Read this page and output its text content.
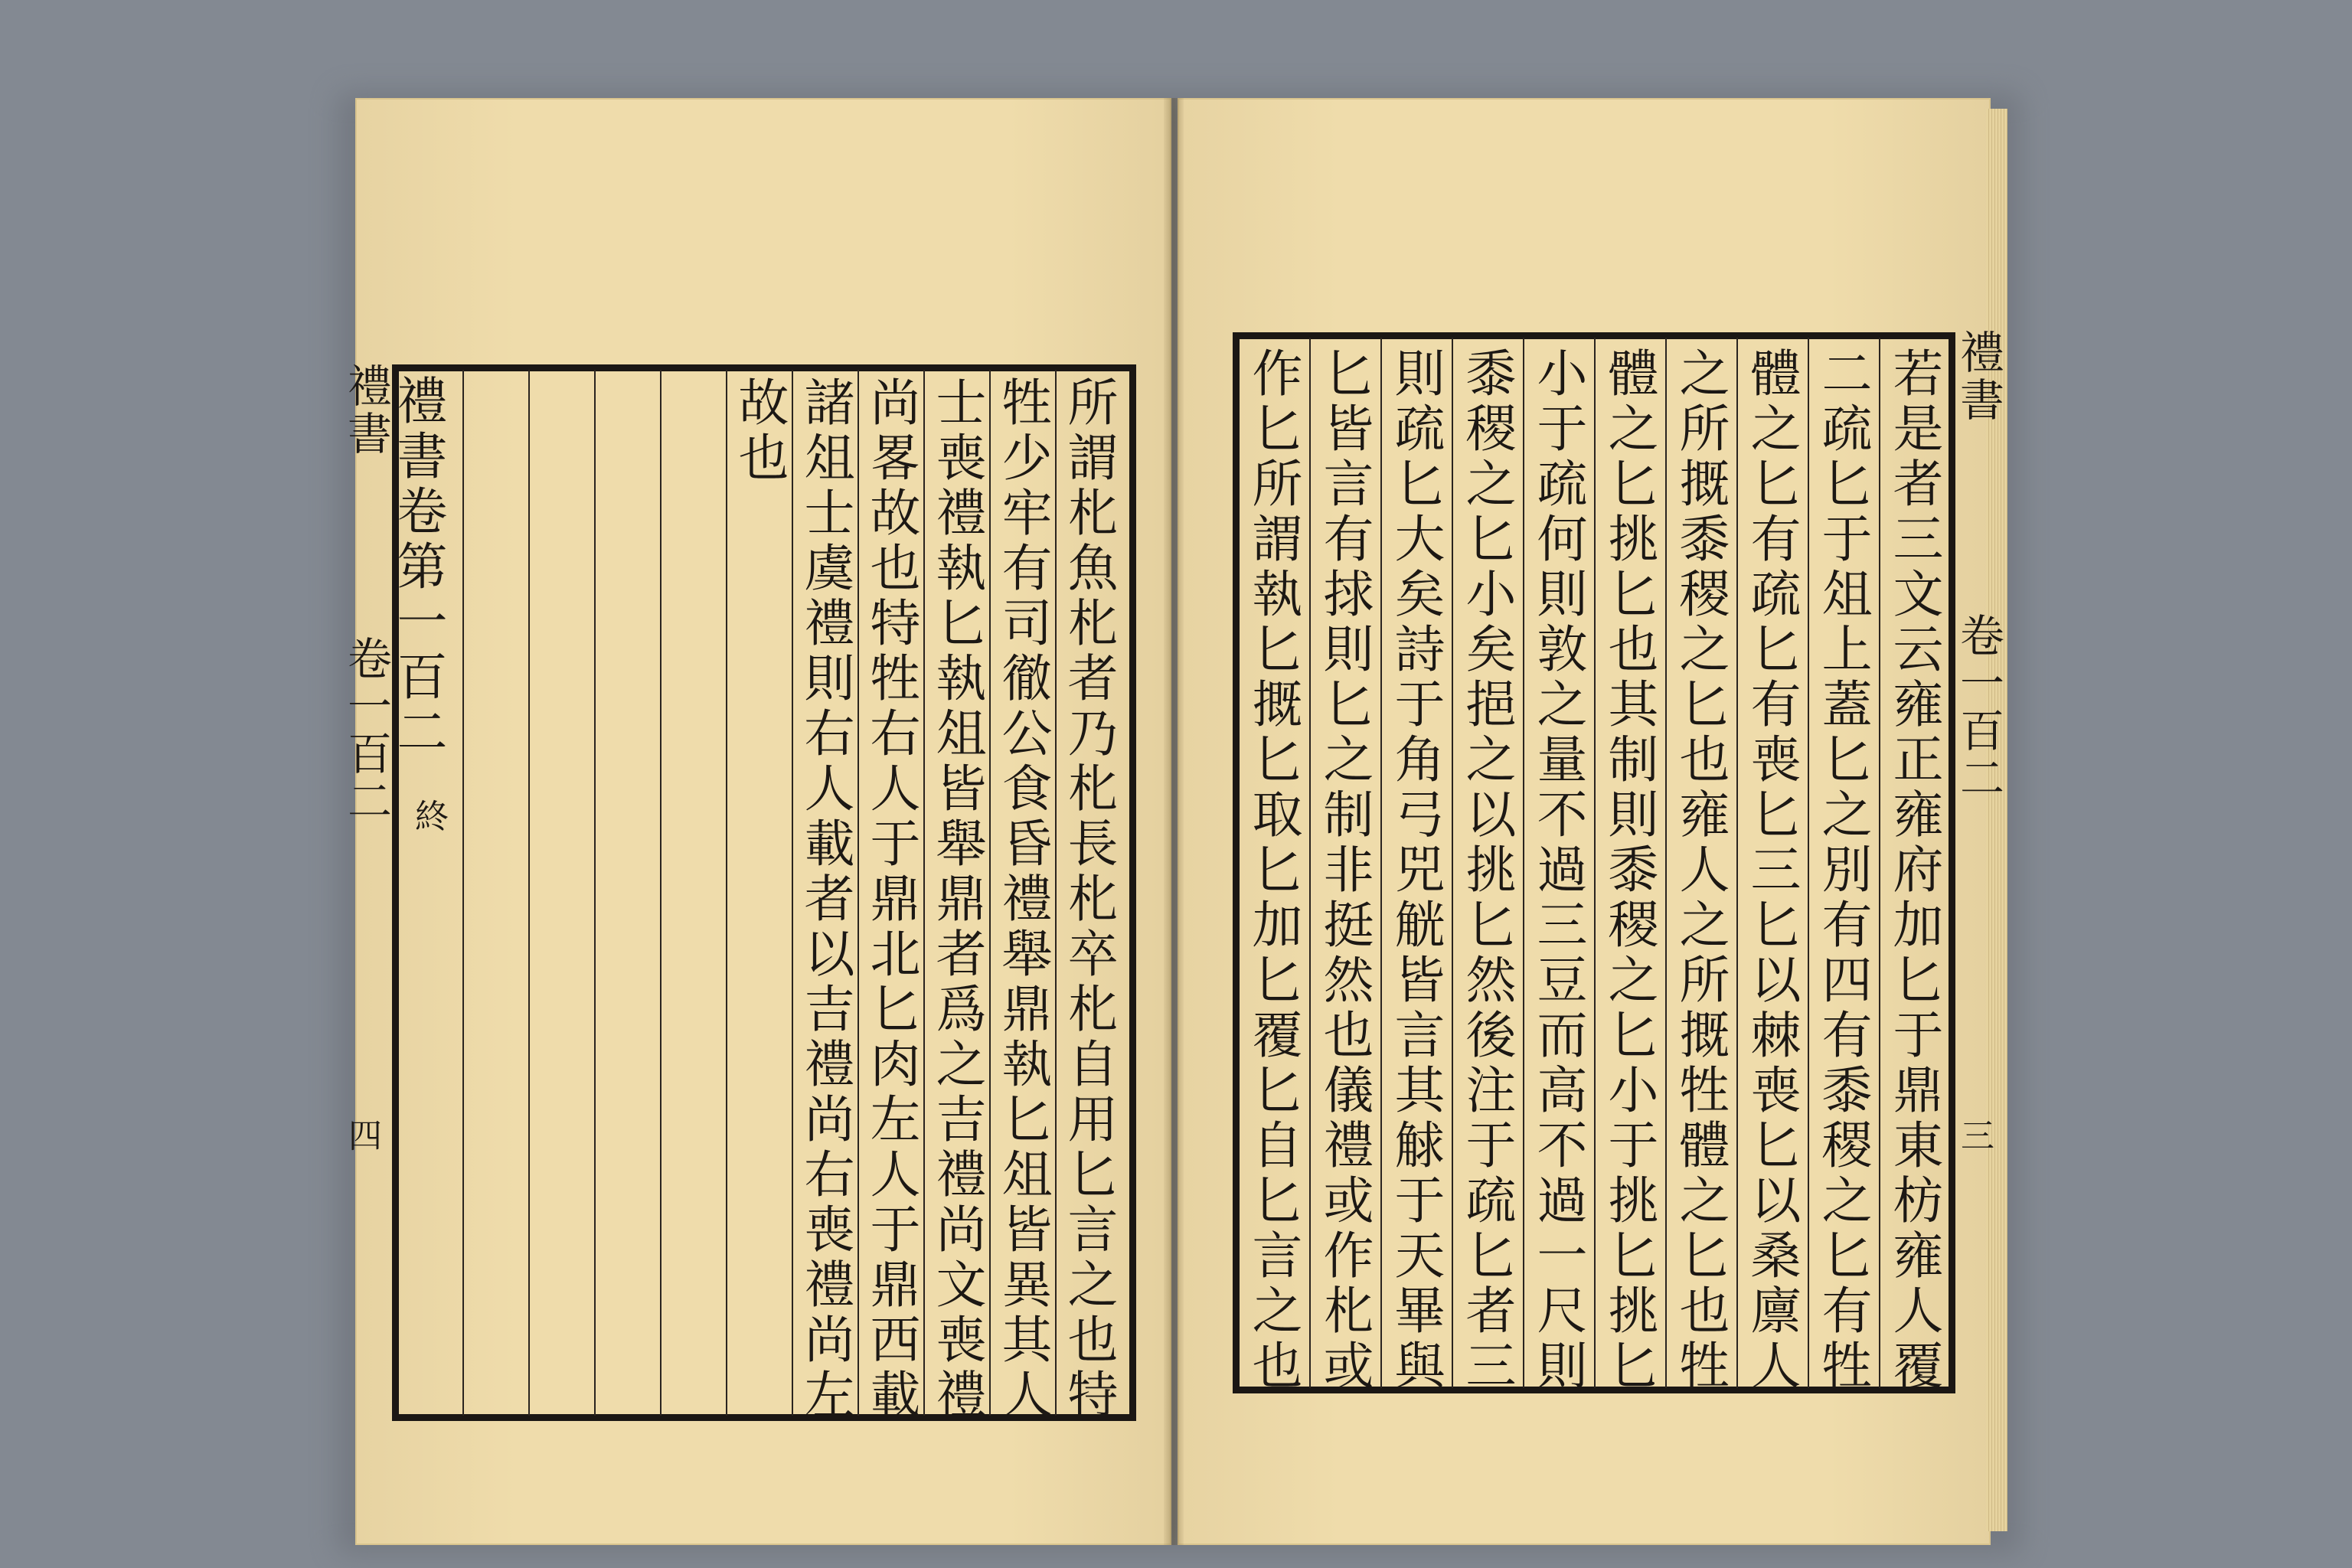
所謂朼魚朼者乃朼長朼卒朼自用匕言之也特
牲少牢有司徹公食昏禮舉鼎執匕俎皆異其人
士喪禮執匕執俎皆舉鼎者爲之吉禮尚文喪禮
尚畧故也特牲右人于鼎北匕肉左人于鼎西載
諸俎士虞禮則右人載者以吉禮尚右喪禮尚左
故也
禮書卷第一百二
終
禮書
卷一百二
四	若是者三文云雍正雍府加匕于鼎東枋雍人覆
二疏匕于俎上蓋匕之別有四有黍稷之匕有牲
體之匕有疏匕有喪匕三匕以棘喪匕以桑廪人
之所摡黍稷之匕也雍人之所摡牲體之匕也牲
體之匕挑匕也其制則黍稷之匕小于挑匕挑匕
小于疏何則敦之量不過三豆而高不過一尺則
黍稷之匕小矣挹之以挑匕然後注于疏匕者三
則疏匕大矣詩于角弓兕觥皆言其觩于天畢與
匕皆言有捄則匕之制非挺然也儀禮或作朼或
作匕所謂執匕摡匕取匕加匕覆匕自匕言之也	禮書
卷一百二
三
